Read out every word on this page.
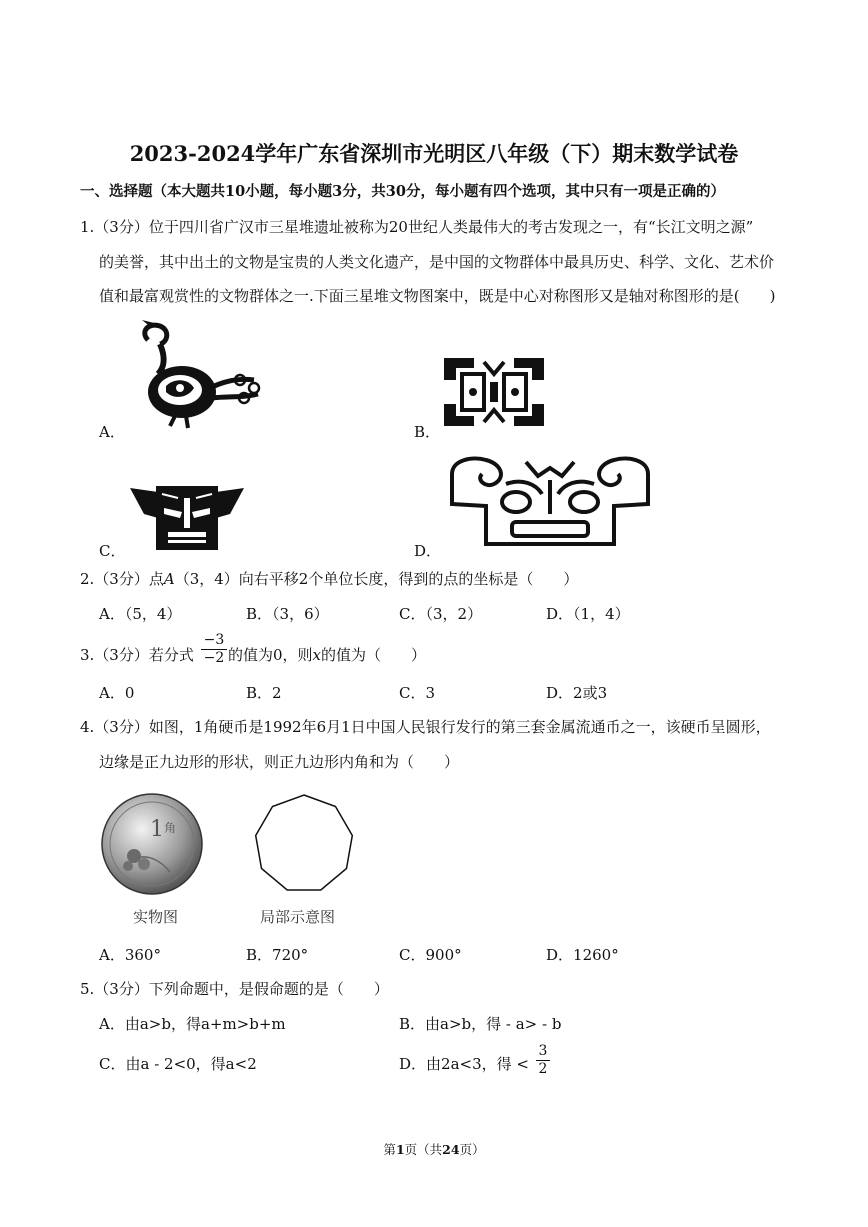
2023-2024学年广东省深圳市光明区八年级（下）期末数学试卷
一、选择题（本大题共10小题，每小题3分，共30分，每小题有四个选项，其中只有一项是正确的）
1.（3分）位于四川省广汉市三星堆遗址被称为20世纪人类最伟大的考古发现之一，有“长江文明之源”
的美誉，其中出土的文物是宝贵的人类文化遗产，是中国的文物群体中最具历史、科学、文化、艺术价
值和最富观赏性的文物群体之一.下面三星堆文物图案中，既是中心对称图形又是轴对称图形的是(　　)
A．	B．
C．	D．
2.（3分）点A（3，4）向右平移2个单位长度，得到的点的坐标是（　　）
A．（5，4）	B．（3，6）	C．（3，2）	D．（1，4）
3.（3分）若分式 $\frac{-3}{-2}$ 的值为0，则x的值为（　　）
A．0	B．2	C．3	D．2或3
4.（3分）如图，1角硬币是1992年6月1日中国人民银行发行的第三套金属流通币之一，该硬币呈圆形，
边缘是正九边形的形状，则正九边形内角和为（　　）
1 角
实物图	局部示意图
A．360°	B．720°	C．900°	D．1260°
5.（3分）下列命题中，是假命题的是（　　）
A．由a>b，得a+m>b+m	B．由a>b，得 - a> - b
C．由a - 2<0，得a<2	D．由2a<3，得 < $\frac{3}{2}$
第1页（共24页）
